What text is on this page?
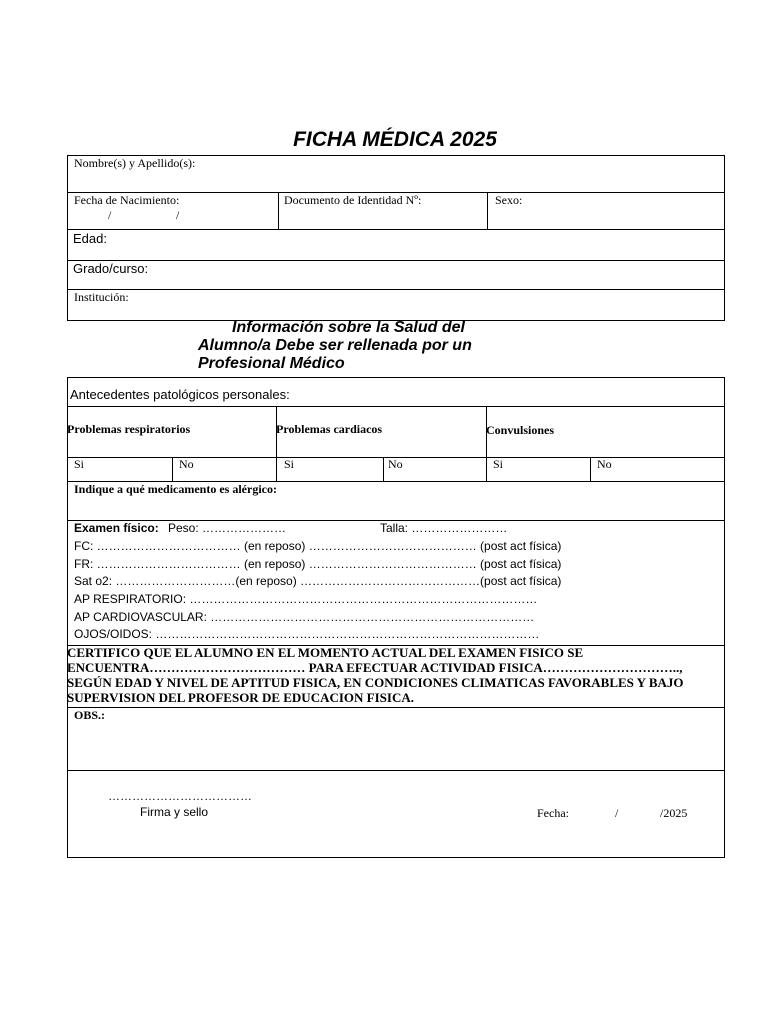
FICHA MÉDICA 2025
Nombre(s) y Apellido(s):
Fecha de Nacimiento:
/	/
Documento de Identidad Nº:	Sexo:
Edad:
Grado/curso:
Institución:
Información sobre la Salud del
Alumno/a Debe ser rellenada por un
Profesional Médico
Antecedentes patológicos personales:
Problemas respiratorios	Problemas cardiacos	Convulsiones
Si	No	Si	No	Si	No
Indique a qué medicamento es alérgico:
Examen físico: Peso: …………………	Talla: ……………………
FC: ……………………………… (en reposo) …………………………………… (post act física)
FR: ……………………………… (en reposo) …………………………………… (post act física)
Sat o2: …………………………(en reposo) ………………………………………(post act física)
AP RESPIRATORIO: ……………………………………………………………………………
AP CARDIOVASCULAR: ………………………………………………………………………
OJOS/OIDOS: ……………………………………………………………………………………
CERTIFICO QUE EL ALUMNO EN EL MOMENTO ACTUAL DEL EXAMEN FISICO SE
ENCUENTRA……………………………… PARA EFECTUAR ACTIVIDAD FISICA…………………………..,
SEGÚN EDAD Y NIVEL DE APTITUD FISICA, EN CONDICIONES CLIMATICAS FAVORABLES Y BAJO
SUPERVISION DEL PROFESOR DE EDUCACION FISICA.
OBS.:
………………………………
Firma y sello	Fecha:	/	/2025
